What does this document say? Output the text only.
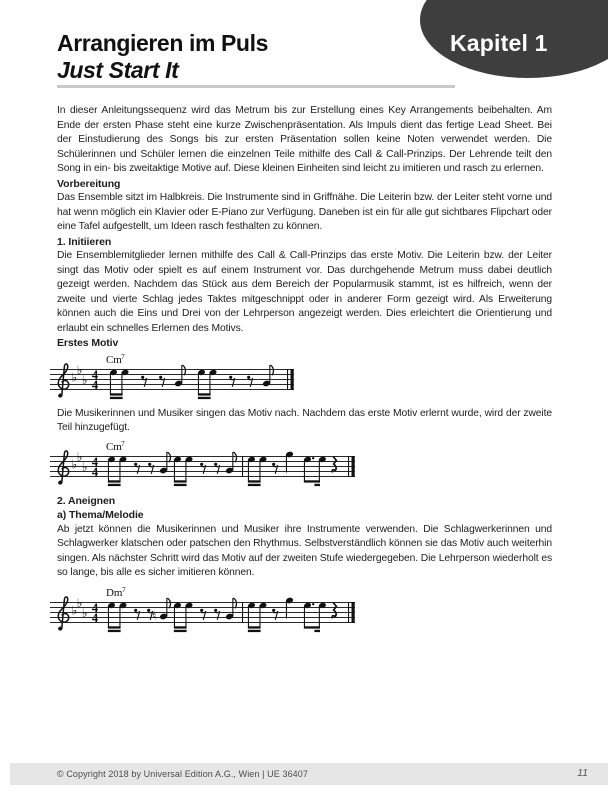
Kapitel 1
Arrangieren im Puls
Just Start It

In dieser Anleitungssequenz wird das Metrum bis zur Erstellung eines Key Arrangements beibehalten. Am Ende der ersten Phase steht eine kurze Zwischenpräsentation. Als Impuls dient das fertige Lead Sheet. Bei der Einstudierung des Songs bis zur ersten Präsentation sollen keine Noten verwendet werden. Die Schülerinnen und Schüler lernen die einzelnen Teile mithilfe des Call & Call-Prinzips. Der Lehrende teilt den Song in ein- bis zweitaktige Motive auf. Diese kleinen Einheiten sind leicht zu imitieren und rasch zu erlernen.

Vorbereitung

Das Ensemble sitzt im Halbkreis. Die Instrumente sind in Griffnähe. Die Leiterin bzw. der Leiter steht vorne und hat wenn möglich ein Klavier oder E-Piano zur Verfügung. Daneben ist ein für alle gut sichtbares Flipchart oder eine Tafel aufgestellt, um Ideen rasch festhalten zu können.

1. Initiieren

Die Ensemblemitglieder lernen mithilfe des Call & Call-Prinzips das erste Motiv. Die Leiterin bzw. der Leiter singt das Motiv oder spielt es auf einem Instrument vor. Das durchgehende Metrum muss dabei deutlich gezeigt werden. Nachdem das Stück aus dem Bereich der Popularmusik stammt, ist es hilfreich, wenn der zweite und vierte Schlag jedes Taktes mitgeschnippt oder in anderer Form gezeigt wird. Als Erweiterung können auch die Eins und Drei von der Lehrperson angezeigt werden. Dies erleichtert die Orientierung und erlaubt ein schnelles Erlernen des Motivs.

Erstes Motiv

Cm 7

Die Musikerinnen und Musiker singen das Motiv nach. Nachdem das erste Motiv erlernt wurde, wird der zweite Teil hinzugefügt.

Cm 7

2. Aneignen

a) Thema/Melodie

Ab jetzt können die Musikerinnen und Musiker ihre Instrumente verwenden. Die Schlagwerkerinnen und Schlagwerker klatschen oder patschen den Rhythmus. Selbstverständlich können sie das Motiv auch weiterhin singen. Als nächster Schritt wird das Motiv auf der zweiten Stufe wiedergegeben. Die Lehrperson wiederholt es so lange, bis alle es sicher imitieren können.

Dm 7
♮
© Copyright 2018 by Universal Edition A.G., Wien | UE 36407	11
